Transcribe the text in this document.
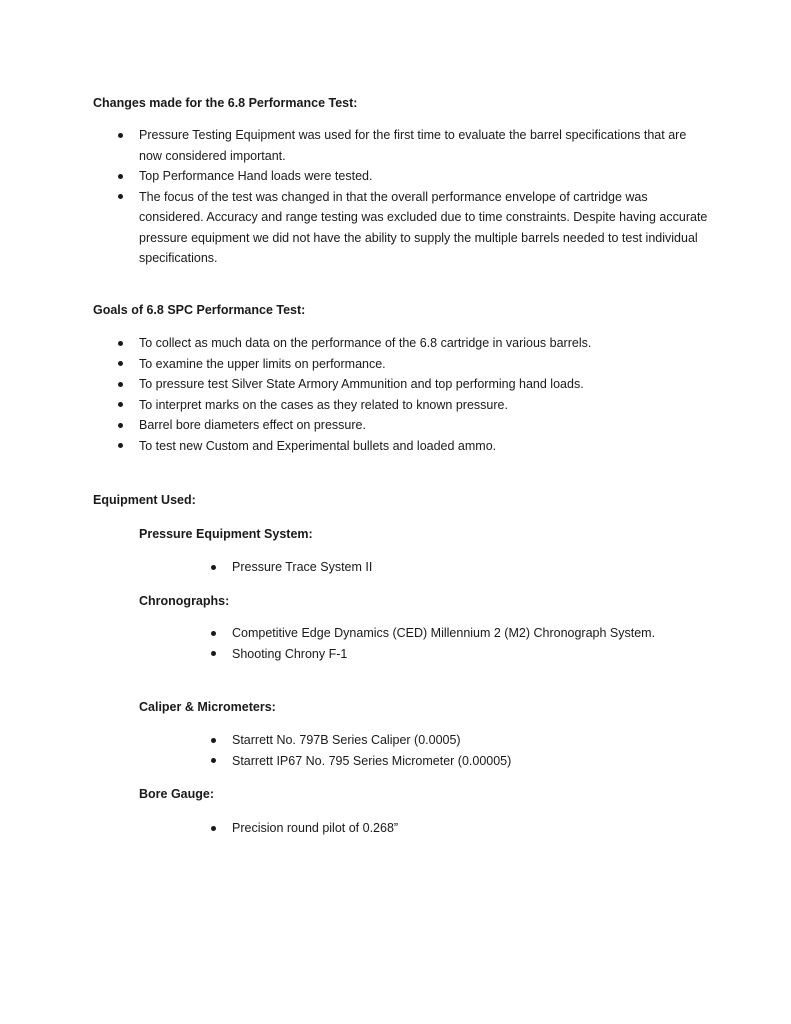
Changes made for the 6.8 Performance Test:
Pressure Testing Equipment was used for the first time to evaluate the barrel specifications that are now considered important.
Top Performance Hand loads were tested.
The focus of the test was changed in that the overall performance envelope of cartridge was considered. Accuracy and range testing was excluded due to time constraints. Despite having accurate pressure equipment we did not have the ability to supply the multiple barrels needed to test individual specifications.
Goals of 6.8 SPC Performance Test:
To collect as much data on the performance of the 6.8 cartridge in various barrels.
To examine the upper limits on performance.
To pressure test Silver State Armory Ammunition and top performing hand loads.
To interpret marks on the cases as they related to known pressure.
Barrel bore diameters effect on pressure.
To test new Custom and Experimental bullets and loaded ammo.
Equipment Used:
Pressure Equipment System:
Pressure Trace System II
Chronographs:
Competitive Edge Dynamics (CED) Millennium 2 (M2) Chronograph System.
Shooting Chrony F-1
Caliper & Micrometers:
Starrett No. 797B Series Caliper (0.0005)
Starrett IP67 No. 795 Series Micrometer (0.00005)
Bore Gauge:
Precision round pilot of 0.268”
